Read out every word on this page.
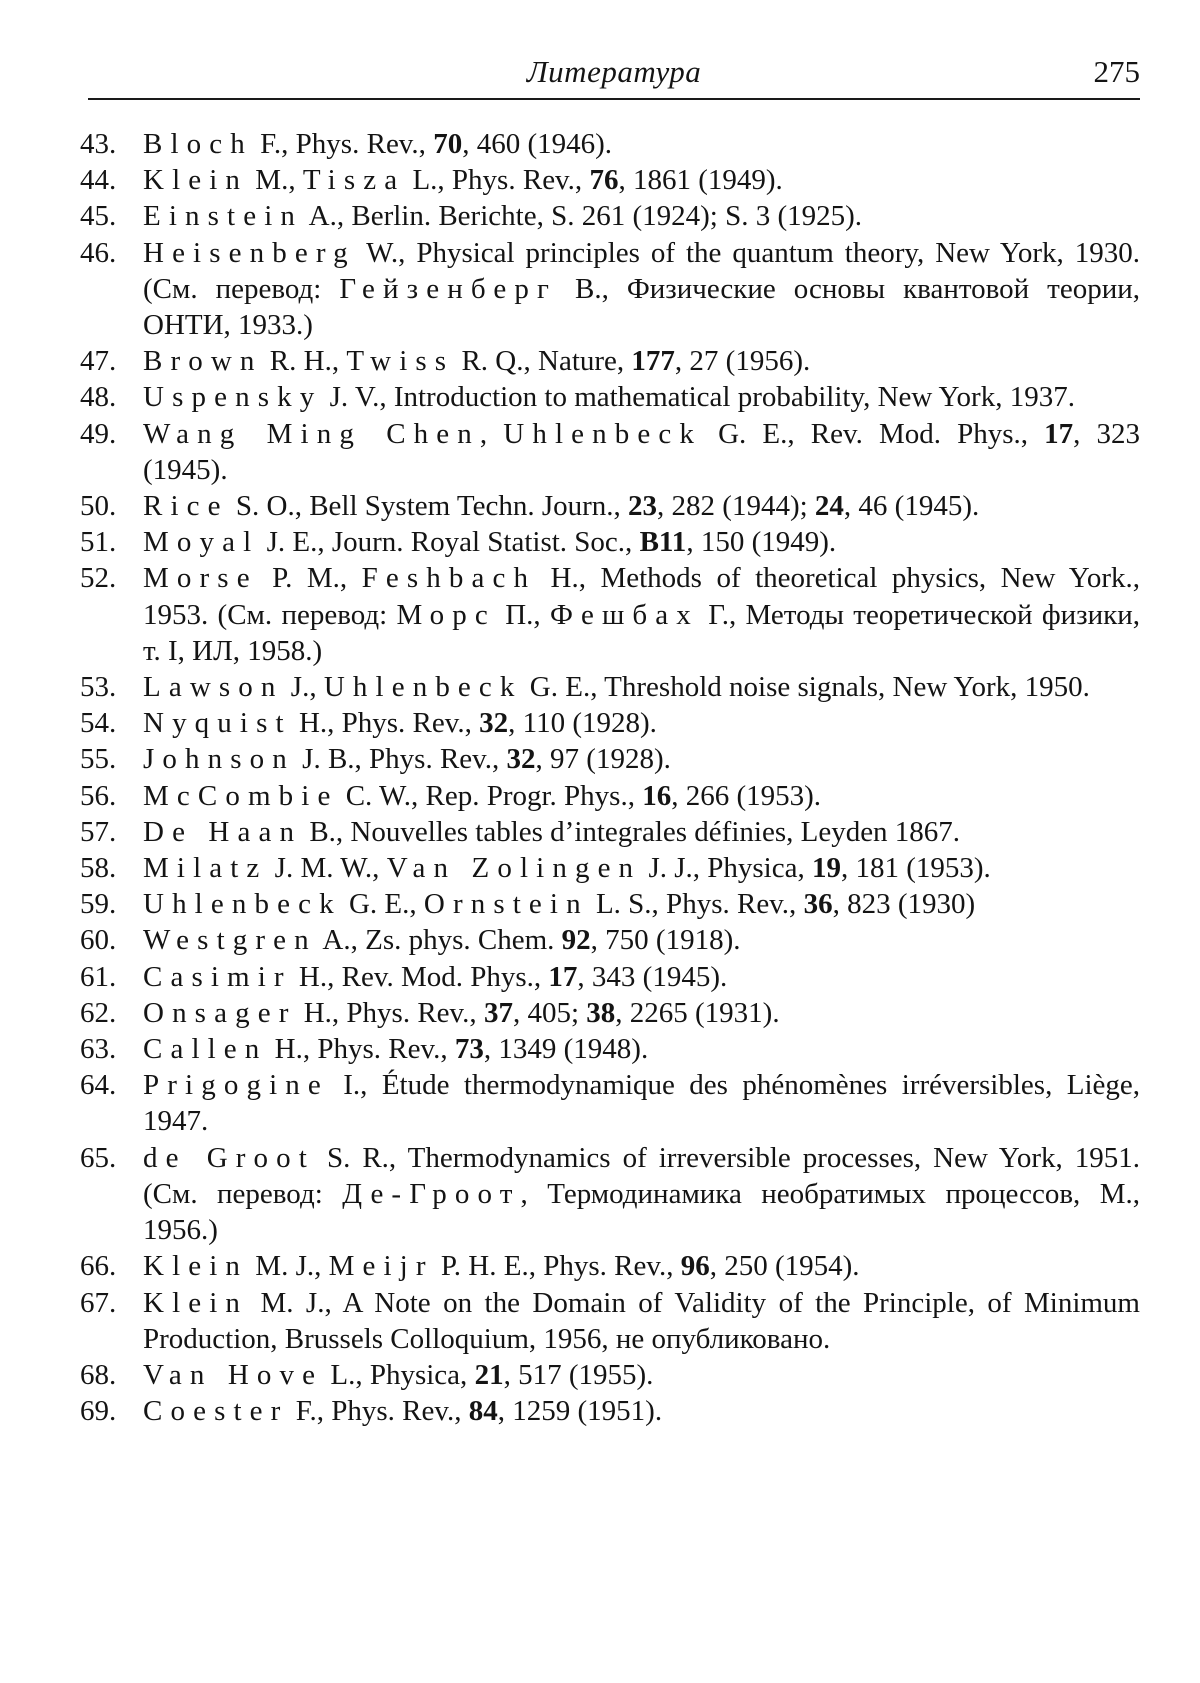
Литература	275
43. Bloch F., Phys. Rev., 70, 460 (1946).
44. Klein M., Tisza L., Phys. Rev., 76, 1861 (1949).
45. Einstein A., Berlin. Berichte, S. 261 (1924); S. 3 (1925).
46. Heisenberg W., Physical principles of the quantum theory, New York, 1930. (См. перевод: Гейзенберг В., Физические основы квантовой теории, ОНТИ, 1933.)
47. Brown R. H., Twiss R. Q., Nature, 177, 27 (1956).
48. Uspensky J. V., Introduction to mathematical probability, New York, 1937.
49. Wang Ming Chen, Uhlenbeck G. E., Rev. Mod. Phys., 17, 323 (1945).
50. Rice S. O., Bell System Techn. Journ., 23, 282 (1944); 24, 46 (1945).
51. Moyal J. E., Journ. Royal Statist. Soc., B11, 150 (1949).
52. Morse P. M., Feshbach H., Methods of theoretical physics, New York., 1953. (См. перевод: Морс П., Фешбах Г., Методы теоретической физики, т. I, ИЛ, 1958.)
53. Lawson J., Uhlenbeck G. E., Threshold noise signals, New York, 1950.
54. Nyquist H., Phys. Rev., 32, 110 (1928).
55. Johnson J. B., Phys. Rev., 32, 97 (1928).
56. McCombie C. W., Rep. Progr. Phys., 16, 266 (1953).
57. De Haan B., Nouvelles tables d’integrales définies, Leyden 1867.
58. Milatz J. M. W., Van Zolingen J. J., Physica, 19, 181 (1953).
59. Uhlenbeck G. E., Ornstein L. S., Phys. Rev., 36, 823 (1930)
60. Westgren A., Zs. phys. Chem. 92, 750 (1918).
61. Casimir H., Rev. Mod. Phys., 17, 343 (1945).
62. Onsager H., Phys. Rev., 37, 405; 38, 2265 (1931).
63. Callen H., Phys. Rev., 73, 1349 (1948).
64. Prigogine I., Étude thermodynamique des phénomènes irréversibles, Liège, 1947.
65. de Groot S. R., Thermodynamics of irreversible processes, New York, 1951. (См. перевод: Де-Гроот, Термодинамика необратимых процессов, М., 1956.)
66. Klein M. J., Meijr P. H. E., Phys. Rev., 96, 250 (1954).
67. Klein M. J., A Note on the Domain of Validity of the Principle, of Minimum Production, Brussels Colloquium, 1956, не опубликовано.
68. Van Hove L., Physica, 21, 517 (1955).
69. Coester F., Phys. Rev., 84, 1259 (1951).
